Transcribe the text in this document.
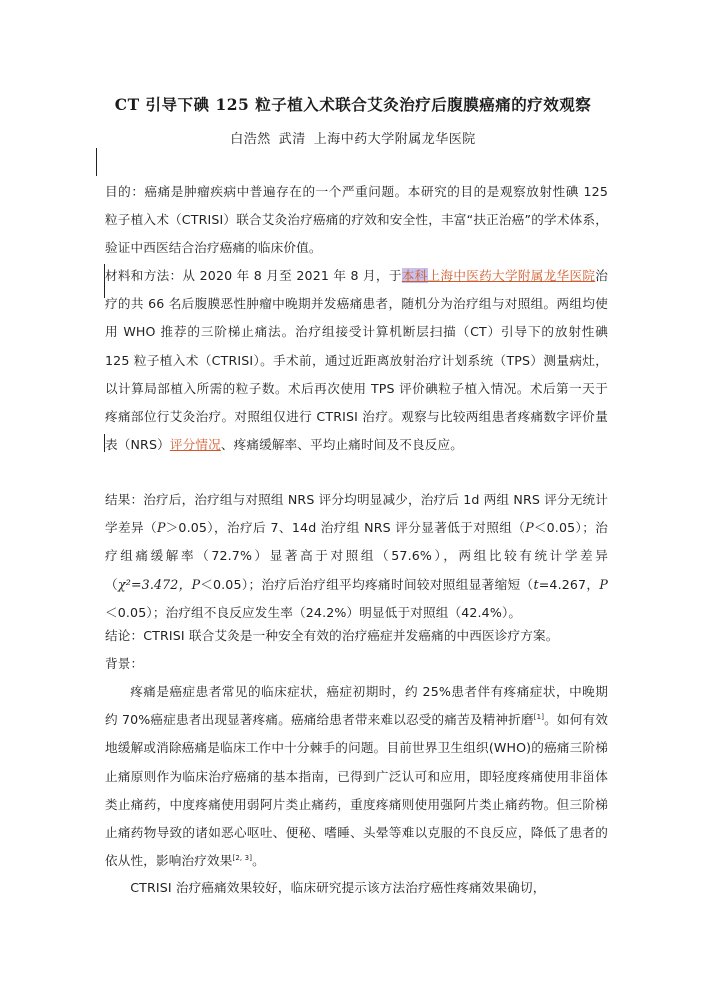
CT 引导下碘 125 粒子植入术联合艾灸治疗后腹膜癌痛的疗效观察
白浩然 武清 上海中药大学附属龙华医院
目的：癌痛是肿瘤疾病中普遍存在的一个严重问题。本研究的目的是观察放射性碘 125 粒子植入术（CTRISI）联合艾灸治疗癌痛的疗效和安全性，丰富“扶正治癌”的学术体系，验证中西医结合治疗癌痛的临床价值。
材料和方法：从 2020 年 8 月至 2021 年 8 月，于本科上海中医药大学附属龙华医院治疗的共 66 名后腹膜恶性肿瘤中晚期并发癌痛患者，随机分为治疗组与对照组。两组均使用 WHO 推荐的三阶梯止痛法。治疗组接受计算机断层扫描（CT）引导下的放射性碘 125 粒子植入术（CTRISI）。手术前，通过近距离放射治疗计划系统（TPS）测量病灶，以计算局部植入所需的粒子数。术后再次使用 TPS 评价碘粒子植入情况。术后第一天于疼痛部位行艾灸治疗。对照组仅进行 CTRISI 治疗。观察与比较两组患者疼痛数字评价量表（NRS）评分情况、疼痛缓解率、平均止痛时间及不良反应。
结果：治疗后，治疗组与对照组 NRS 评分均明显减少，治疗后 1d 两组 NRS 评分无统计学差异（P＞0.05），治疗后 7、14d 治疗组 NRS 评分显著低于对照组（P＜0.05）；治疗组痛缓解率（72.7%）显著高于对照组（57.6%），两组比较有统计学差异（χ²=3.472，P＜0.05）；治疗后治疗组平均疼痛时间较对照组显著缩短（t=4.267，P＜0.05）；治疗组不良反应发生率（24.2%）明显低于对照组（42.4%）。
结论：CTRISI 联合艾灸是一种安全有效的治疗癌症并发癌痛的中西医诊疗方案。
背景：
疼痛是癌症患者常见的临床症状，癌症初期时，约 25%患者伴有疼痛症状，中晚期约 70%癌症患者出现显著疼痛。癌痛给患者带来难以忍受的痛苦及精神折磨[1]。如何有效地缓解或消除癌痛是临床工作中十分棘手的问题。目前世界卫生组织(WHO)的癌痛三阶梯止痛原则作为临床治疗癌痛的基本指南，已得到广泛认可和应用，即轻度疼痛使用非甾体类止痛药，中度疼痛使用弱阿片类止痛药，重度疼痛则使用强阿片类止痛药物。但三阶梯止痛药物导致的诸如恶心呕吐、便秘、嗜睡、头晕等难以克服的不良反应，降低了患者的依从性，影响治疗效果[2, 3]。
CTRISI 治疗癌痛效果较好，临床研究提示该方法治疗癌性疼痛效果确切，
